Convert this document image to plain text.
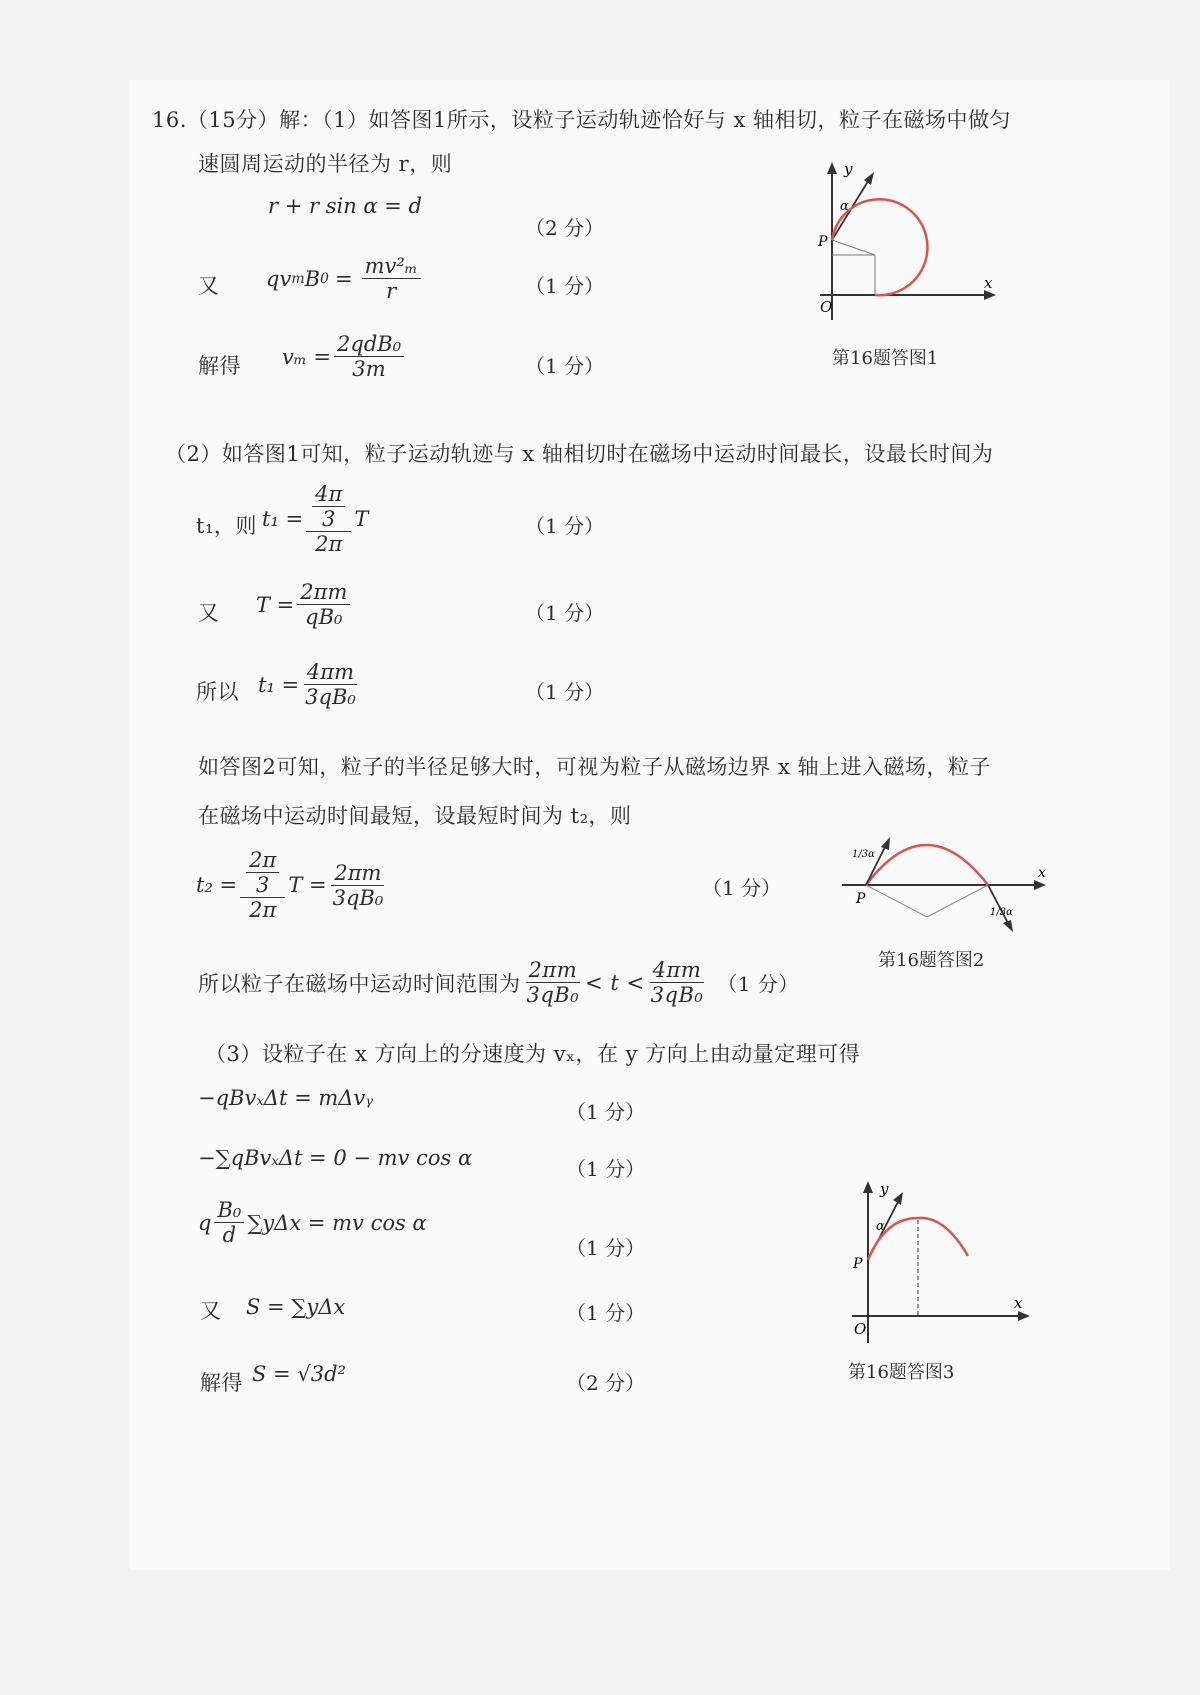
16.（15分）解：（1）如答图1所示，设粒子运动轨迹恰好与 x 轴相切，粒子在磁场中做匀
速圆周运动的半径为 r，则
r + r sin α = d
（2 分）
又 qv m B $0 = \frac{\text{mv²ₘ}}{r}$	（1 分）
解得 $v_m = \frac{\text{2qdB₀}}{3m}$	（1 分）
y
x
O
P
α
第16题答图1
（2）如答图1可知，粒子运动轨迹与 x 轴相切时在磁场中运动时间最长，设最长时间为
t₁，则 $t_1 = \frac{\frac{4\pi}{3}}{2\pi}$ T	（1 分）
又 $T = \frac{2\pi m}{\text{qB₀}}$	（1 分）
所以 $t_1 = \frac{4\pi m}{\text{3qB₀}}$	（1 分）
如答图2可知，粒子的半径足够大时，可视为粒子从磁场边界 x 轴上进入磁场，粒子
在磁场中运动时间最短，设最短时间为 t₂，则
$t_2 = \frac{\frac{2\pi}{3}}{2\pi}$ $T = \frac{2\pi m}{\text{3qB₀}}$	（1 分）
所以粒子在磁场中运动时间范围为 $\frac{2\pi m}{\text{3qB₀}} < t < \frac{4\pi m}{\text{3qB₀}} (1$ 分）
x
P
1/3α
1/3α
第16题答图2
（3）设粒子在 x 方向上的分速度为 vₓ，在 y 方向上由动量定理可得
−qBvₓΔt = mΔvᵧ
（1 分）
−∑qBvₓΔt = 0 − mv cos α	（1 分）
q $\frac{\text{B₀}}{d} \sum y\Delta x$ = mv cos α
（1 分）
又 S = ∑yΔx	（1 分）
解得 S = √3d²	（2 分）
y
x
O
P
α
第16题答图3
